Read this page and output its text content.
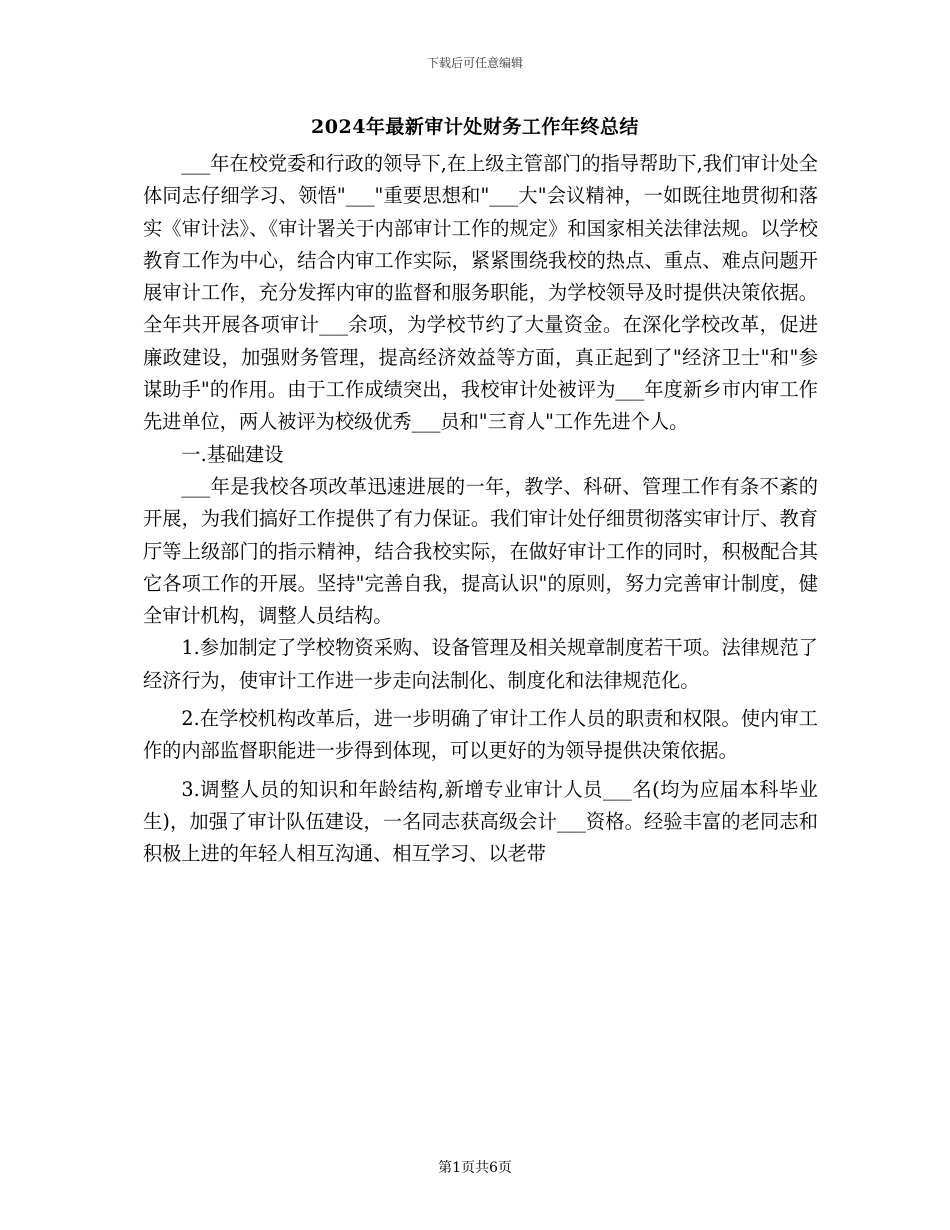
下载后可任意编辑
2024年最新审计处财务工作年终总结

___年在校党委和行政的领导下,在上级主管部门的指导帮助下,我们审计处全体同志仔细学习、领悟"___"重要思想和"___大"会议精神，一如既往地贯彻和落实《审计法》、《审计署关于内部审计工作的规定》和国家相关法律法规。以学校教育工作为中心，结合内审工作实际，紧紧围绕我校的热点、重点、难点问题开展审计工作，充分发挥内审的监督和服务职能，为学校领导及时提供决策依据。全年共开展各项审计___余项，为学校节约了大量资金。在深化学校改革，促进廉政建设，加强财务管理，提高经济效益等方面，真正起到了"经济卫士"和"参谋助手"的作用。由于工作成绩突出，我校审计处被评为___年度新乡市内审工作先进单位，两人被评为校级优秀___员和"三育人"工作先进个人。

一.基础建设

___年是我校各项改革迅速进展的一年，教学、科研、管理工作有条不紊的开展，为我们搞好工作提供了有力保证。我们审计处仔细贯彻落实审计厅、教育厅等上级部门的指示精神，结合我校实际，在做好审计工作的同时，积极配合其它各项工作的开展。坚持"完善自我，提高认识"的原则，努力完善审计制度，健全审计机构，调整人员结构。

1.参加制定了学校物资采购、设备管理及相关规章制度若干项。法律规范了经济行为，使审计工作进一步走向法制化、制度化和法律规范化。

2.在学校机构改革后，进一步明确了审计工作人员的职责和权限。使内审工作的内部监督职能进一步得到体现，可以更好的为领导提供决策依据。

3.调整人员的知识和年龄结构,新增专业审计人员___名(均为应届本科毕业生)，加强了审计队伍建设，一名同志获高级会计___资格。经验丰富的老同志和积极上进的年轻人相互沟通、相互学习、以老带

第1页共6页
